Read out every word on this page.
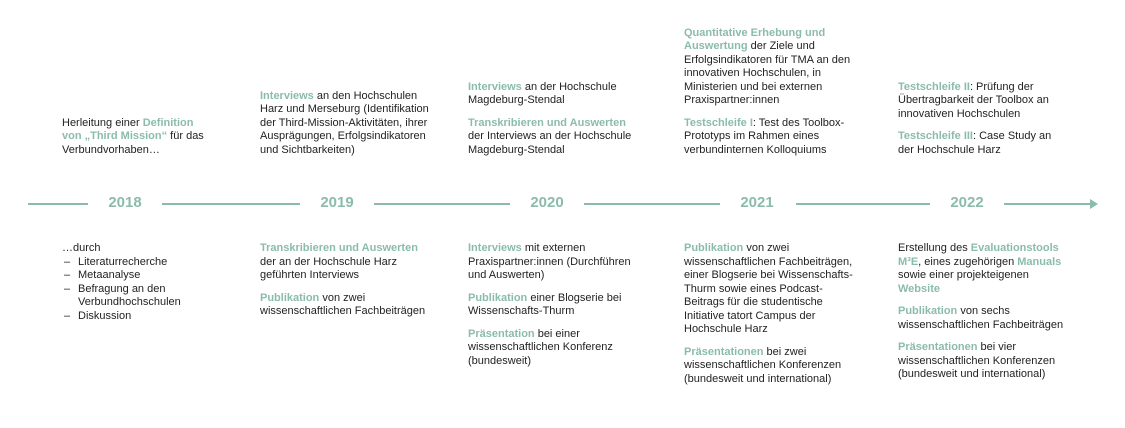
2018	2019	2020	2021	2022

Herleitung einer Definition von „Third Mission“ für das Verbundvorhaben…

…durch
– Literaturrecherche
– Metaanalyse
– Befragung an den Verbundhochschulen
– Diskussion

Interviews an den Hochschulen Harz und Merseburg (Identifikation der Third-Mission-Aktivitäten, ihrer Ausprägungen, Erfolgsindikatoren und Sichtbarkeiten)

Transkribieren und Auswerten der an der Hochschule Harz geführten Interviews

Publikation von zwei wissenschaftlichen Fachbeiträgen

Interviews an der Hochschule Magdeburg-Stendal

Transkribieren und Auswerten der Interviews an der Hochschule Magdeburg-Stendal

Interviews mit externen Praxispartner:innen (Durchführen und Auswerten)

Publikation einer Blogserie bei Wissenschafts-Thurm

Präsentation bei einer wissenschaftlichen Konferenz (bundesweit)

Quantitative Erhebung und Auswertung der Ziele und Erfolgsindikatoren für TMA an den innovativen Hochschulen, in Ministerien und bei externen Praxispartner:innen

Testschleife I: Test des Toolbox-Prototyps im Rahmen eines verbundinternen Kolloquiums

Publikation von zwei wissenschaftlichen Fachbeiträgen, einer Blogserie bei Wissenschafts-Thurm sowie eines Podcast-Beitrags für die studentische Initiative tatort Campus der Hochschule Harz

Präsentationen bei zwei wissenschaftlichen Konferenzen (bundesweit und international)

Testschleife II: Prüfung der Übertragbarkeit der Toolbox an innovativen Hochschulen

Testschleife III: Case Study an der Hochschule Harz

Erstellung des Evaluationstools M³E, eines zugehörigen Manuals sowie einer projekteigenen Website

Publikation von sechs wissenschaftlichen Fachbeiträgen

Präsentationen bei vier wissenschaftlichen Konferenzen (bundesweit und international)
